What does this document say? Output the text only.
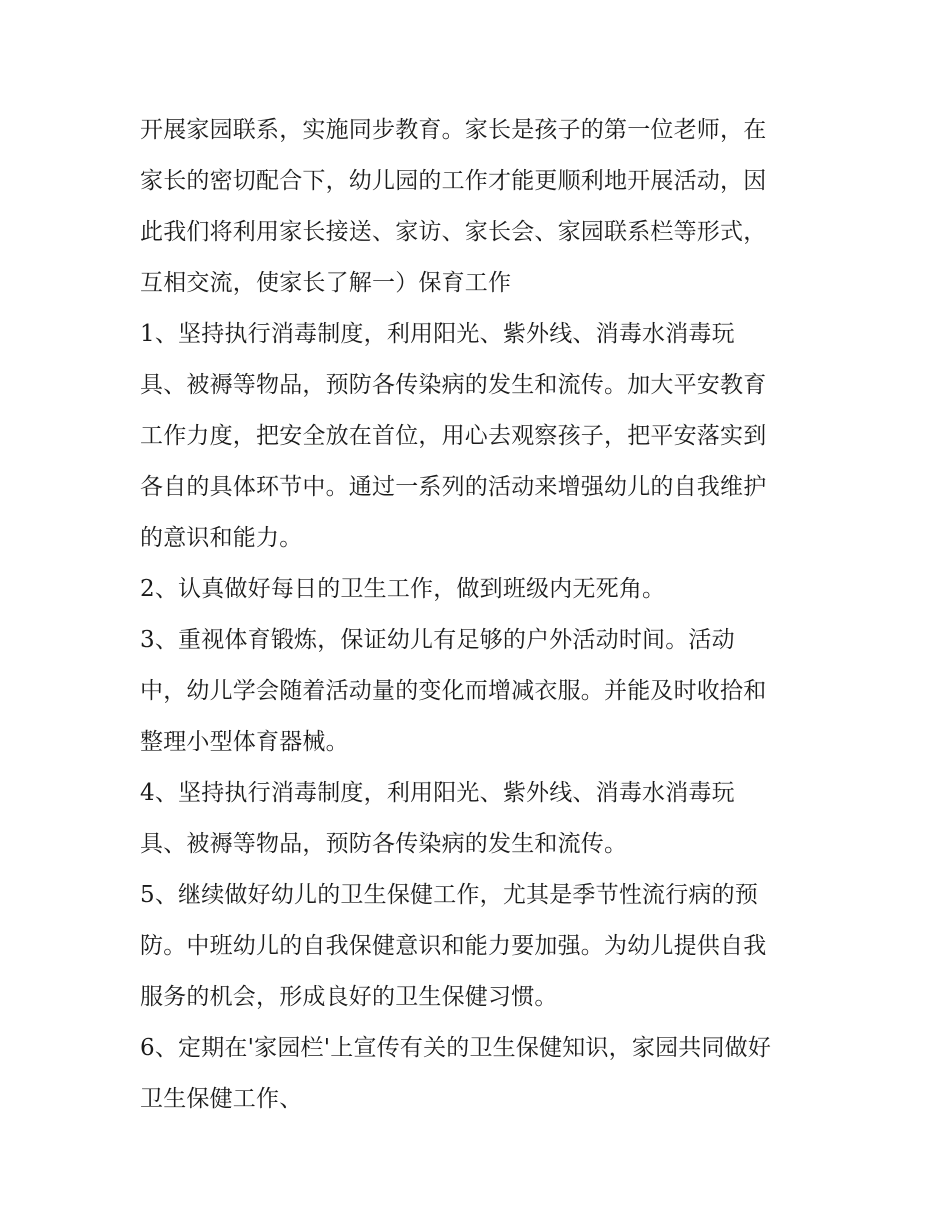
开展家园联系，实施同步教育。家长是孩子的第一位老师，在
家长的密切配合下，幼儿园的工作才能更顺利地开展活动，因
此我们将利用家长接送、家访、家长会、家园联系栏等形式，
互相交流，使家长了解一）保育工作

1、坚持执行消毒制度，利用阳光、紫外线、消毒水消毒玩
具、被褥等物品，预防各传染病的发生和流传。加大平安教育
工作力度，把安全放在首位，用心去观察孩子，把平安落实到
各自的具体环节中。通过一系列的活动来增强幼儿的自我维护
的意识和能力。

2、认真做好每日的卫生工作，做到班级内无死角。

3、重视体育锻炼，保证幼儿有足够的户外活动时间。活动
中，幼儿学会随着活动量的变化而增减衣服。并能及时收拾和
整理小型体育器械。

4、坚持执行消毒制度，利用阳光、紫外线、消毒水消毒玩
具、被褥等物品，预防各传染病的发生和流传。

5、继续做好幼儿的卫生保健工作，尤其是季节性流行病的预
防。中班幼儿的自我保健意识和能力要加强。为幼儿提供自我
服务的机会，形成良好的卫生保健习惯。

6、定期在'家园栏'上宣传有关的卫生保健知识，家园共同做好
卫生保健工作、
